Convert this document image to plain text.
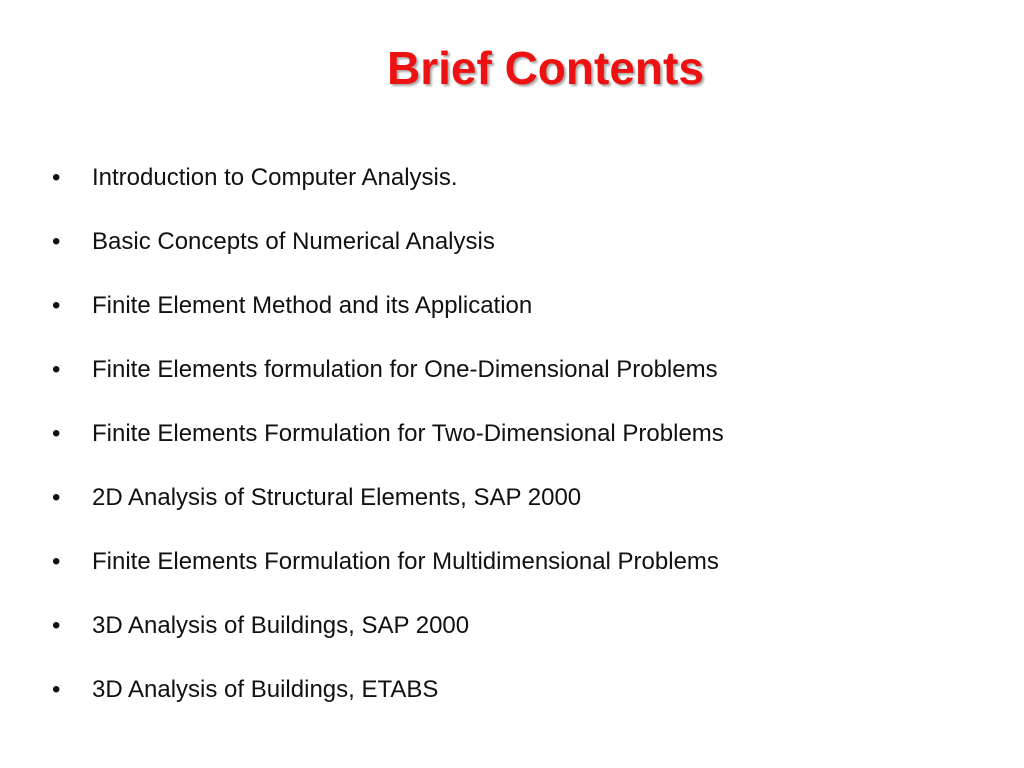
Brief Contents
•	Introduction to Computer Analysis.
•	Basic Concepts of Numerical Analysis
•	Finite Element Method and its Application
•	Finite Elements formulation for One-Dimensional Problems
•	Finite Elements Formulation for Two-Dimensional Problems
•	2D Analysis of Structural Elements, SAP 2000
•	Finite Elements Formulation for Multidimensional Problems
•	3D Analysis of Buildings, SAP 2000
•	3D Analysis of Buildings, ETABS
